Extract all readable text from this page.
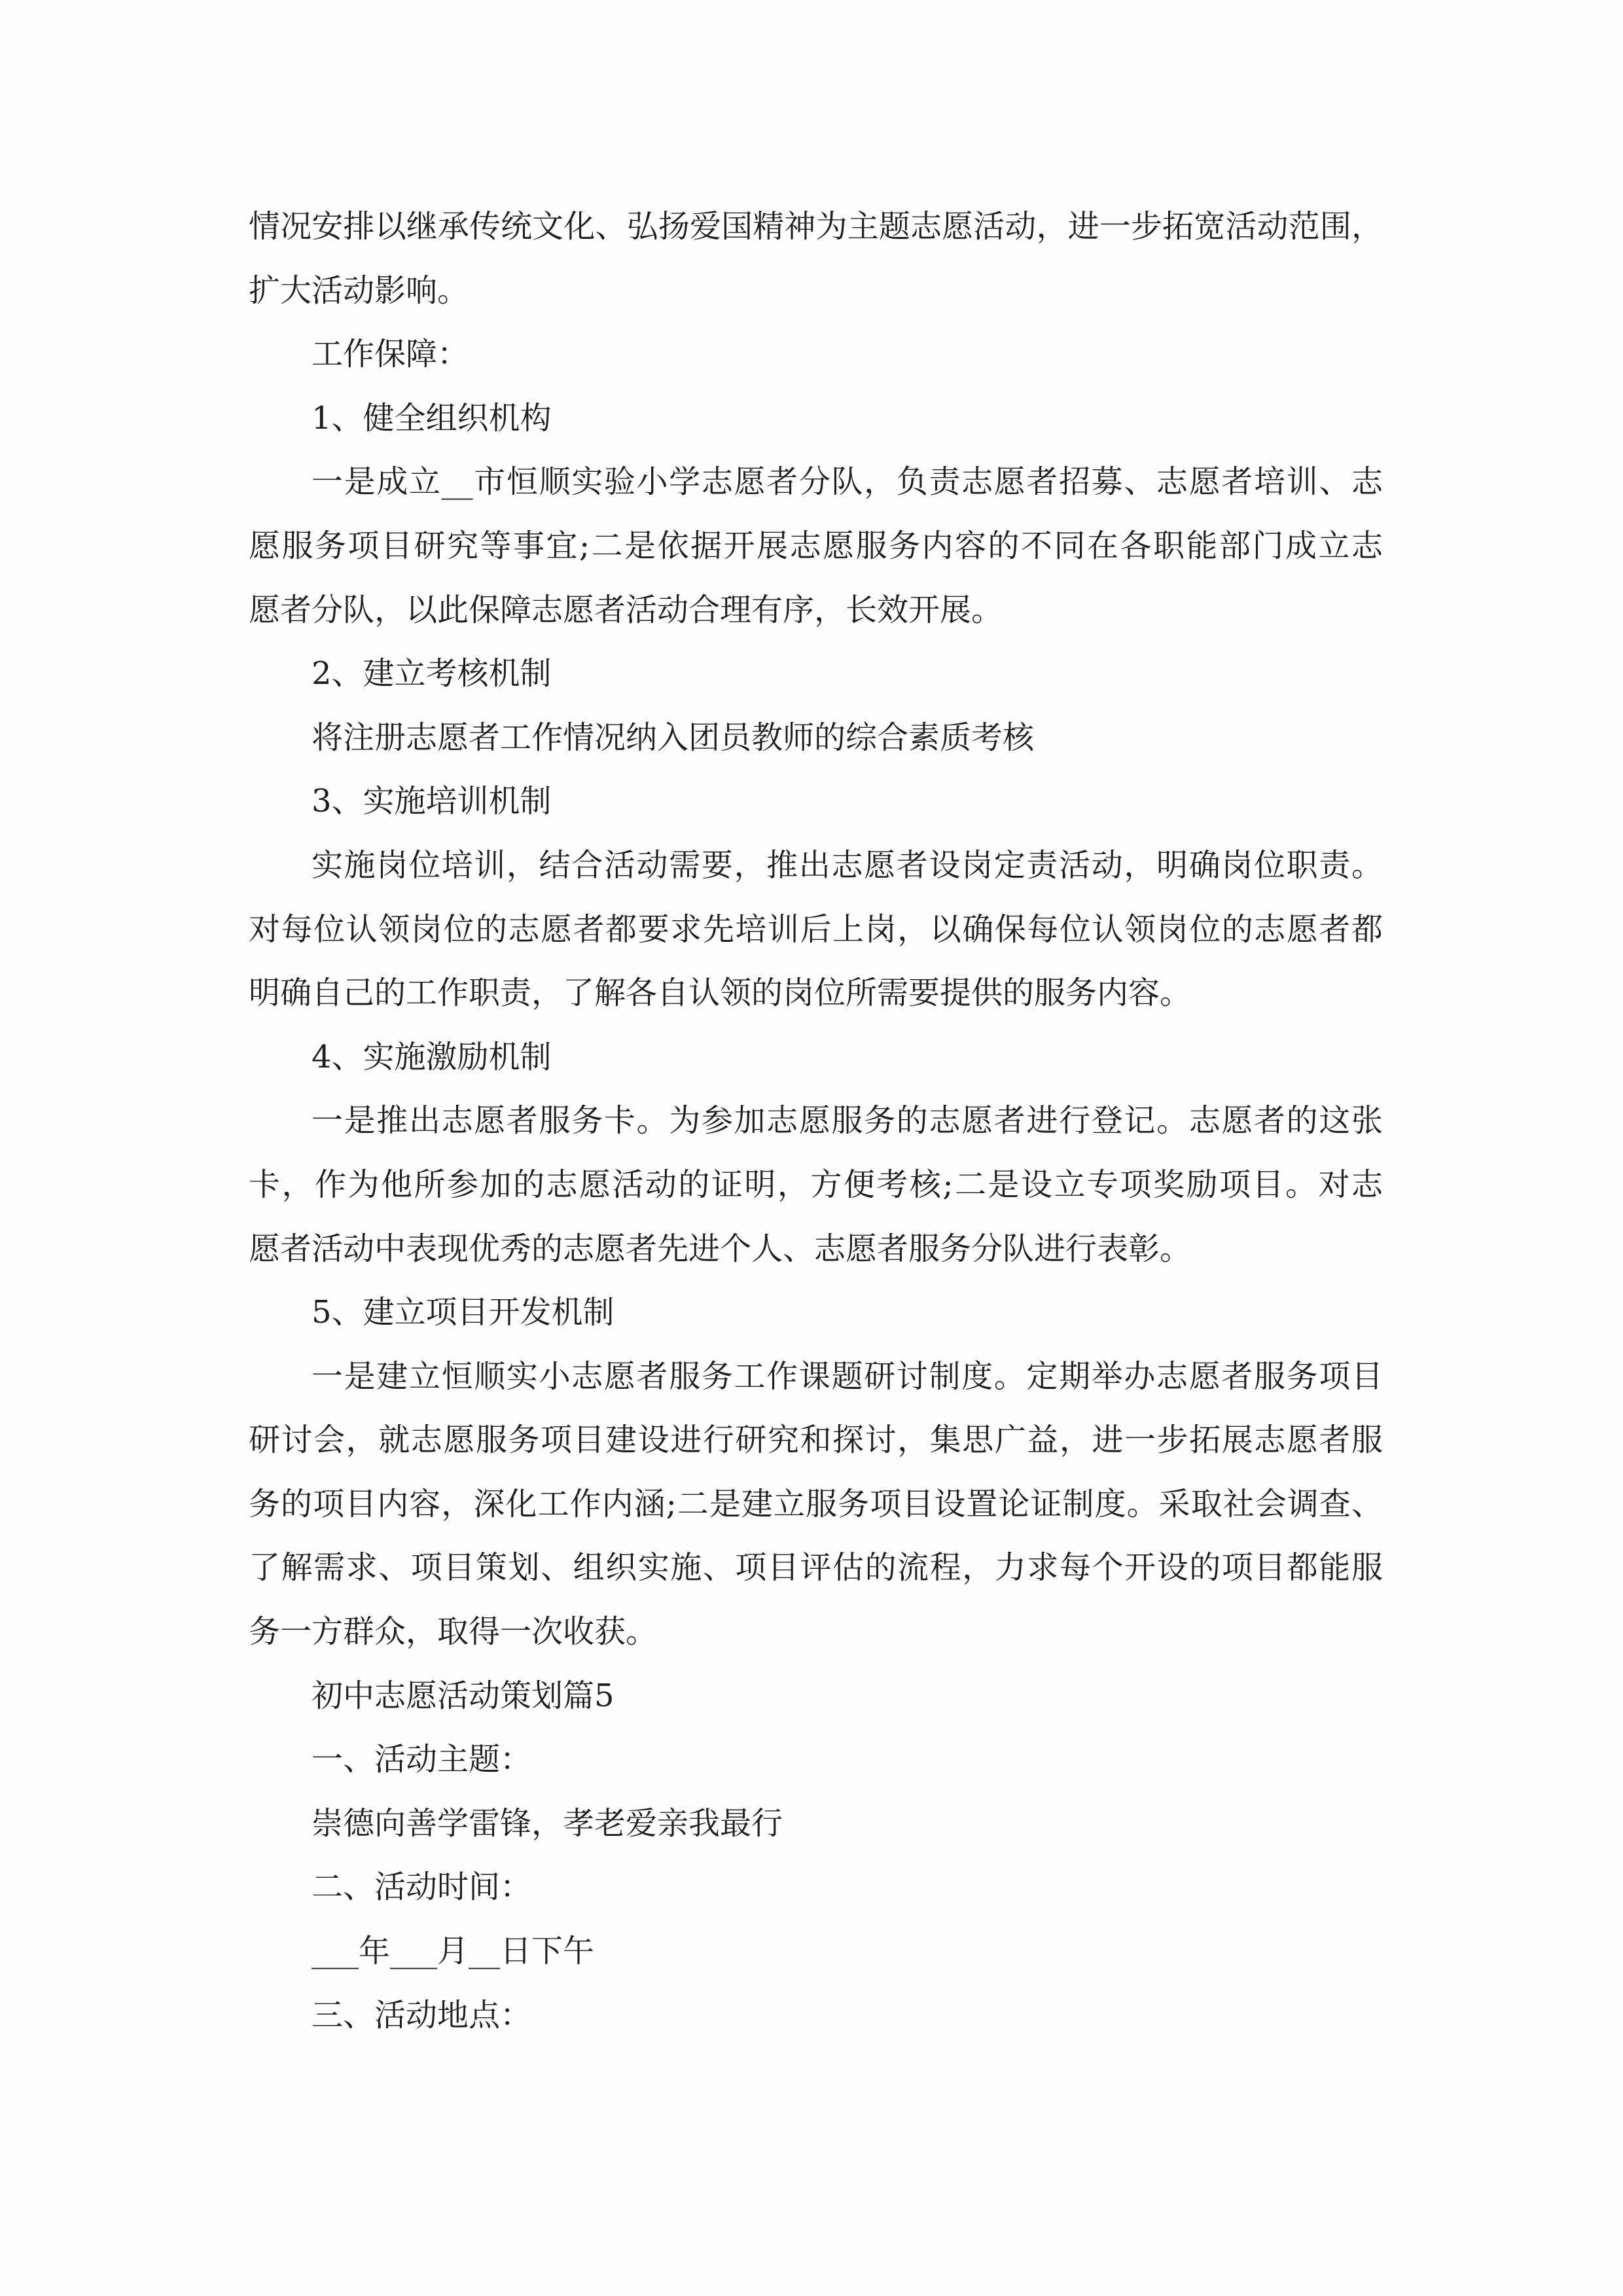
情况安排以继承传统文化、弘扬爱国精神为主题志愿活动，进一步拓宽活动范围，
扩大活动影响。
工作保障：
1、健全组织机构
一是成立__市恒顺实验小学志愿者分队，负责志愿者招募、志愿者培训、志
愿服务项目研究等事宜;二是依据开展志愿服务内容的不同在各职能部门成立志
愿者分队，以此保障志愿者活动合理有序，长效开展。
2、建立考核机制
将注册志愿者工作情况纳入团员教师的综合素质考核
3、实施培训机制
实施岗位培训，结合活动需要，推出志愿者设岗定责活动，明确岗位职责。
对每位认领岗位的志愿者都要求先培训后上岗，以确保每位认领岗位的志愿者都
明确自己的工作职责，了解各自认领的岗位所需要提供的服务内容。
4、实施激励机制
一是推出志愿者服务卡。为参加志愿服务的志愿者进行登记。志愿者的这张
卡，作为他所参加的志愿活动的证明，方便考核;二是设立专项奖励项目。对志
愿者活动中表现优秀的志愿者先进个人、志愿者服务分队进行表彰。
5、建立项目开发机制
一是建立恒顺实小志愿者服务工作课题研讨制度。定期举办志愿者服务项目
研讨会，就志愿服务项目建设进行研究和探讨，集思广益，进一步拓展志愿者服
务的项目内容，深化工作内涵;二是建立服务项目设置论证制度。采取社会调查、
了解需求、项目策划、组织实施、项目评估的流程，力求每个开设的项目都能服
务一方群众，取得一次收获。
初中志愿活动策划篇5
一、活动主题：
崇德向善学雷锋，孝老爱亲我最行
二、活动时间：
___年___月__日下午
三、活动地点：
